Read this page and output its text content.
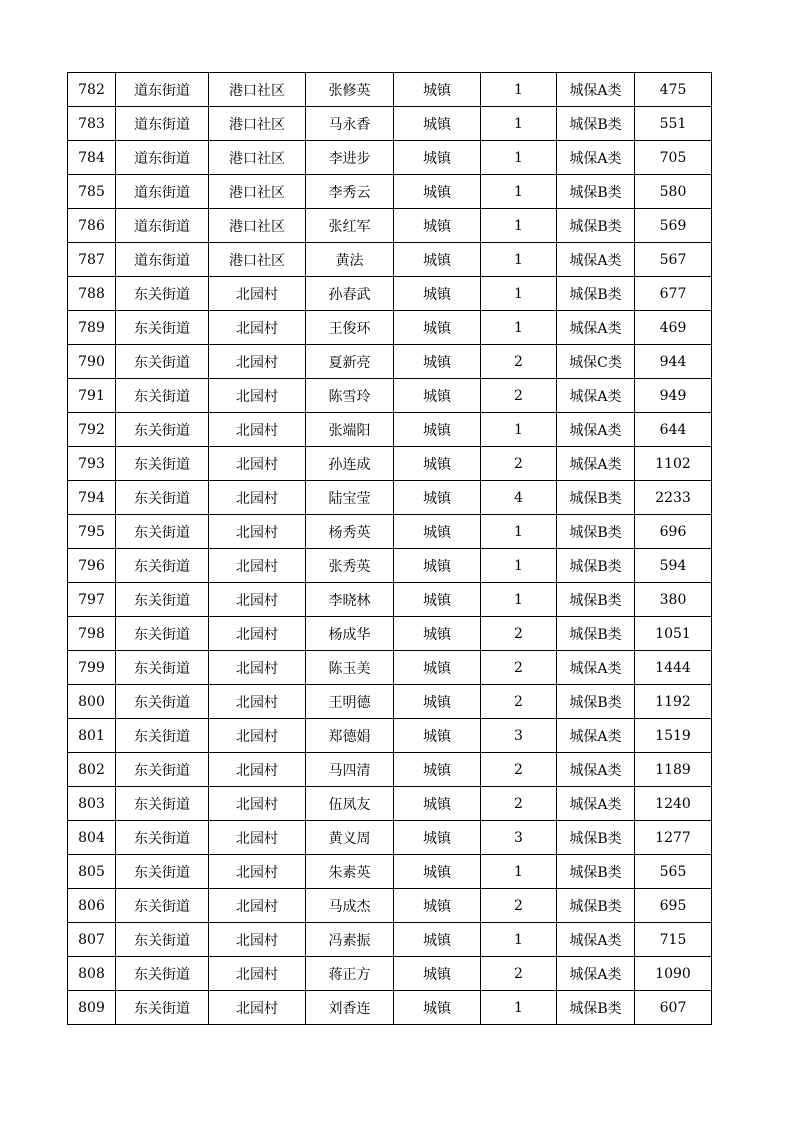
782	道东街道	港口社区	张修英	城镇	1	城保A类	475
783	道东街道	港口社区	马永香	城镇	1	城保B类	551
784	道东街道	港口社区	李进步	城镇	1	城保A类	705
785	道东街道	港口社区	李秀云	城镇	1	城保B类	580
786	道东街道	港口社区	张红军	城镇	1	城保B类	569
787	道东街道	港口社区	黄法	城镇	1	城保A类	567
788	东关街道	北园村	孙春武	城镇	1	城保B类	677
789	东关街道	北园村	王俊环	城镇	1	城保A类	469
790	东关街道	北园村	夏新亮	城镇	2	城保C类	944
791	东关街道	北园村	陈雪玲	城镇	2	城保A类	949
792	东关街道	北园村	张端阳	城镇	1	城保A类	644
793	东关街道	北园村	孙连成	城镇	2	城保A类	1102
794	东关街道	北园村	陆宝莹	城镇	4	城保B类	2233
795	东关街道	北园村	杨秀英	城镇	1	城保B类	696
796	东关街道	北园村	张秀英	城镇	1	城保B类	594
797	东关街道	北园村	李晓林	城镇	1	城保B类	380
798	东关街道	北园村	杨成华	城镇	2	城保B类	1051
799	东关街道	北园村	陈玉美	城镇	2	城保A类	1444
800	东关街道	北园村	王明德	城镇	2	城保B类	1192
801	东关街道	北园村	郑德娟	城镇	3	城保A类	1519
802	东关街道	北园村	马四清	城镇	2	城保A类	1189
803	东关街道	北园村	伍凤友	城镇	2	城保A类	1240
804	东关街道	北园村	黄义周	城镇	3	城保B类	1277
805	东关街道	北园村	朱素英	城镇	1	城保B类	565
806	东关街道	北园村	马成杰	城镇	2	城保B类	695
807	东关街道	北园村	冯素振	城镇	1	城保A类	715
808	东关街道	北园村	蒋正方	城镇	2	城保A类	1090
809	东关街道	北园村	刘香连	城镇	1	城保B类	607
